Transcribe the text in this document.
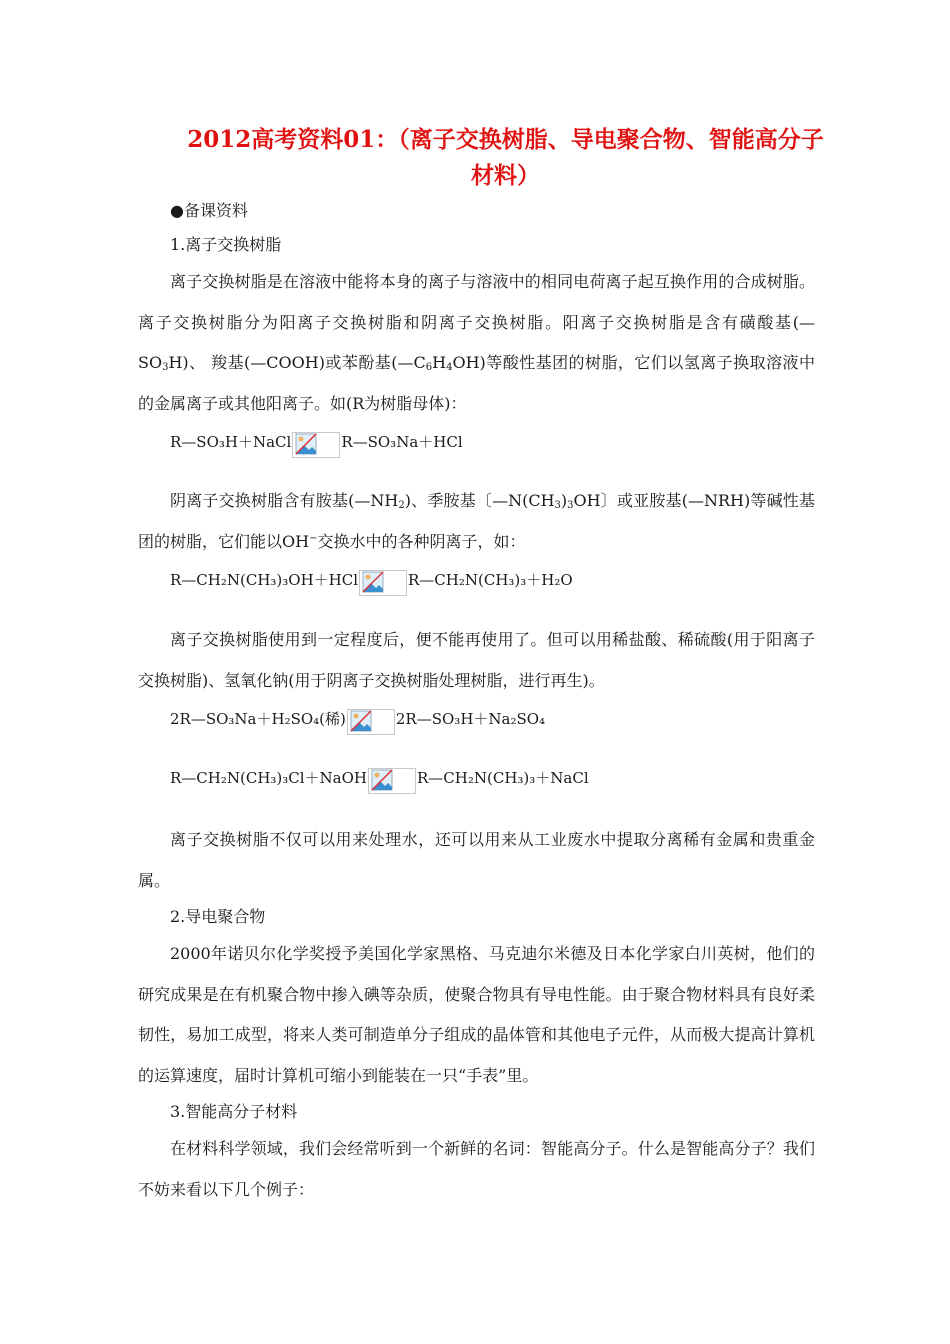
2012高考资料01：（离子交换树脂、导电聚合物、智能高分子
材料）
●备课资料
1.离子交换树脂
离子交换树脂是在溶液中能将本身的离子与溶液中的相同电荷离子起互换作用的合成树脂。离子交换树脂分为阳离子交换树脂和阴离子交换树脂。阳离子交换树脂是含有磺酸基$(—SO_3H)$、 羧基(—COOH)或苯酚基$(—C_6H_4OH)$等酸性基团的树脂，它们以氢离子换取溶液中的金属离子或其他阳离子。如(R为树脂母体)：
R—SO₃H＋NaCl	R—SO₃Na＋HCl
阴离子交换树脂含有胺基$(—NH_2)$、季胺基〔$—N(CH_3)_3OH$〕或亚胺基(—NRH)等碱性基团的树脂，它们能以OH−交换水中的各种阴离子，如：
R—CH₂N(CH₃)₃OH＋HCl	R—CH₂N(CH₃)₃＋H₂O
离子交换树脂使用到一定程度后，便不能再使用了。但可以用稀盐酸、稀硫酸(用于阳离子交换树脂)、氢氧化钠(用于阴离子交换树脂处理树脂，进行再生)。
2R—SO₃Na＋H₂SO₄(稀)	2R—SO₃H＋Na₂SO₄
R—CH₂N(CH₃)₃Cl＋NaOH	R—CH₂N(CH₃)₃＋NaCl
离子交换树脂不仅可以用来处理水，还可以用来从工业废水中提取分离稀有金属和贵重金属。
2.导电聚合物
2000年诺贝尔化学奖授予美国化学家黑格、马克迪尔米德及日本化学家白川英树，他们的研究成果是在有机聚合物中掺入碘等杂质，使聚合物具有导电性能。由于聚合物材料具有良好柔韧性，易加工成型，将来人类可制造单分子组成的晶体管和其他电子元件，从而极大提高计算机的运算速度，届时计算机可缩小到能装在一只“手表”里。
3.智能高分子材料
在材料科学领域，我们会经常听到一个新鲜的名词：智能高分子。什么是智能高分子？我们不妨来看以下几个例子：
